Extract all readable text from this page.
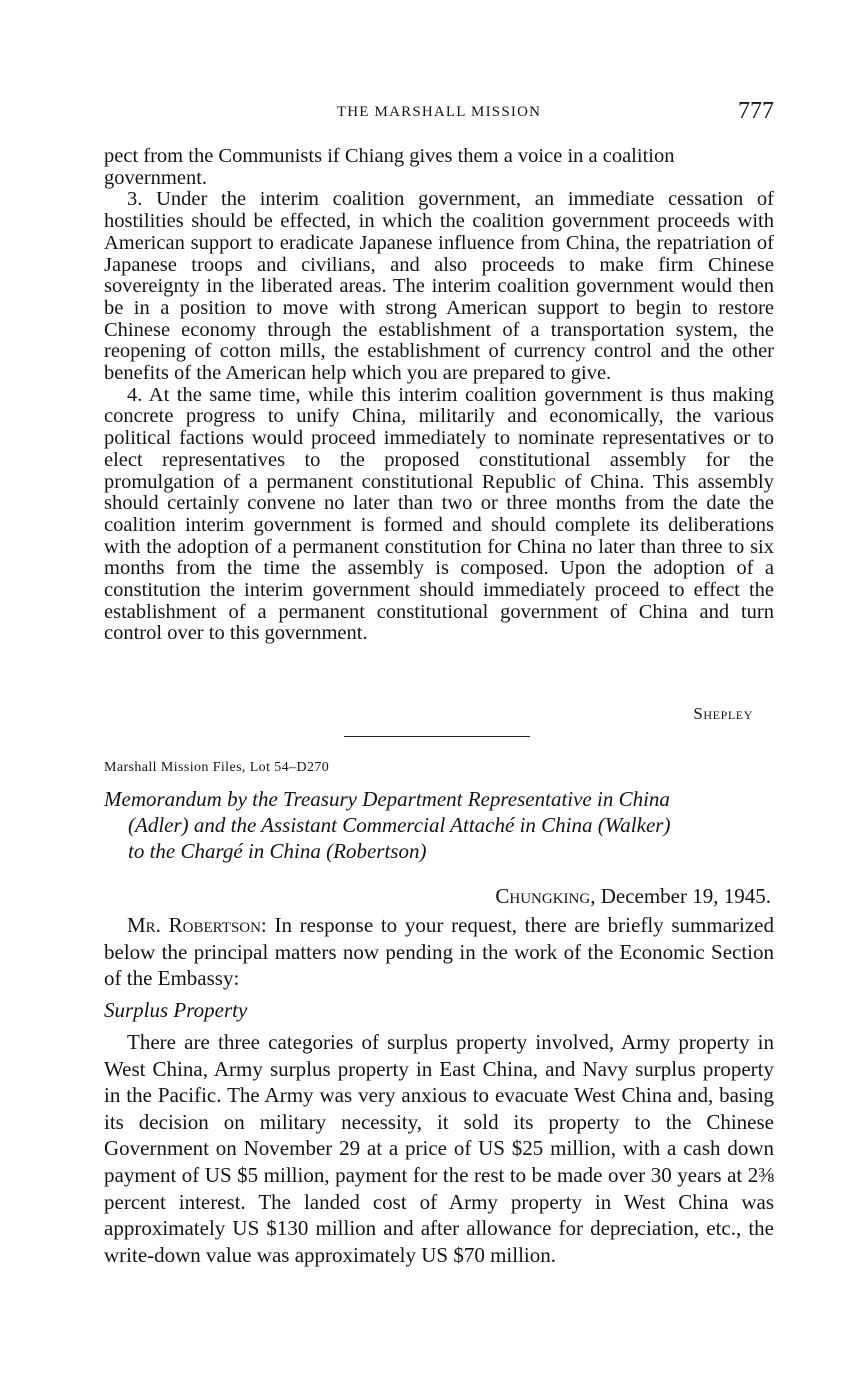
THE MARSHALL MISSION	777

pect from the Communists if Chiang gives them a voice in a coalition
government.

3. Under the interim coalition government, an immediate cessation of hostilities should be effected, in which the coalition government proceeds with American support to eradicate Japanese influence from China, the repatriation of Japanese troops and civilians, and also proceeds to make firm Chinese sovereignty in the liberated areas. The interim coalition government would then be in a position to move with strong American support to begin to restore Chinese economy through the establishment of a transportation system, the reopening of cotton mills, the establishment of currency control and the other benefits of the American help which you are prepared to give.

4. At the same time, while this interim coalition government is thus making concrete progress to unify China, militarily and economically, the various political factions would proceed immediately to nominate representatives or to elect representatives to the proposed constitutional assembly for the promulgation of a permanent constitutional Republic of China. This assembly should certainly convene no later than two or three months from the date the coalition interim government is formed and should complete its deliberations with the adoption of a permanent constitution for China no later than three to six months from the time the assembly is composed. Upon the adoption of a constitution the interim government should immediately proceed to effect the establishment of a permanent constitutional government of China and turn control over to this government.

Shepley
Marshall Mission Files, Lot 54–D270
Memorandum by the Treasury Department Representative in China
(Adler) and the Assistant Commercial Attaché in China (Walker)
to the Chargé in China (Robertson)
Chungking, December 19, 1945.

Mr. Robertson: In response to your request, there are briefly summarized below the principal matters now pending in the work of the Economic Section of the Embassy:

Surplus Property

There are three categories of surplus property involved, Army property in West China, Army surplus property in East China, and Navy surplus property in the Pacific. The Army was very anxious to evacuate West China and, basing its decision on military necessity, it sold its property to the Chinese Government on November 29 at a price of US $25 million, with a cash down payment of US $5 million, payment for the rest to be made over 30 years at 2⅜ percent interest. The landed cost of Army property in West China was approximately US $130 million and after allowance for depreciation, etc., the write-down value was approximately US $70 million.
